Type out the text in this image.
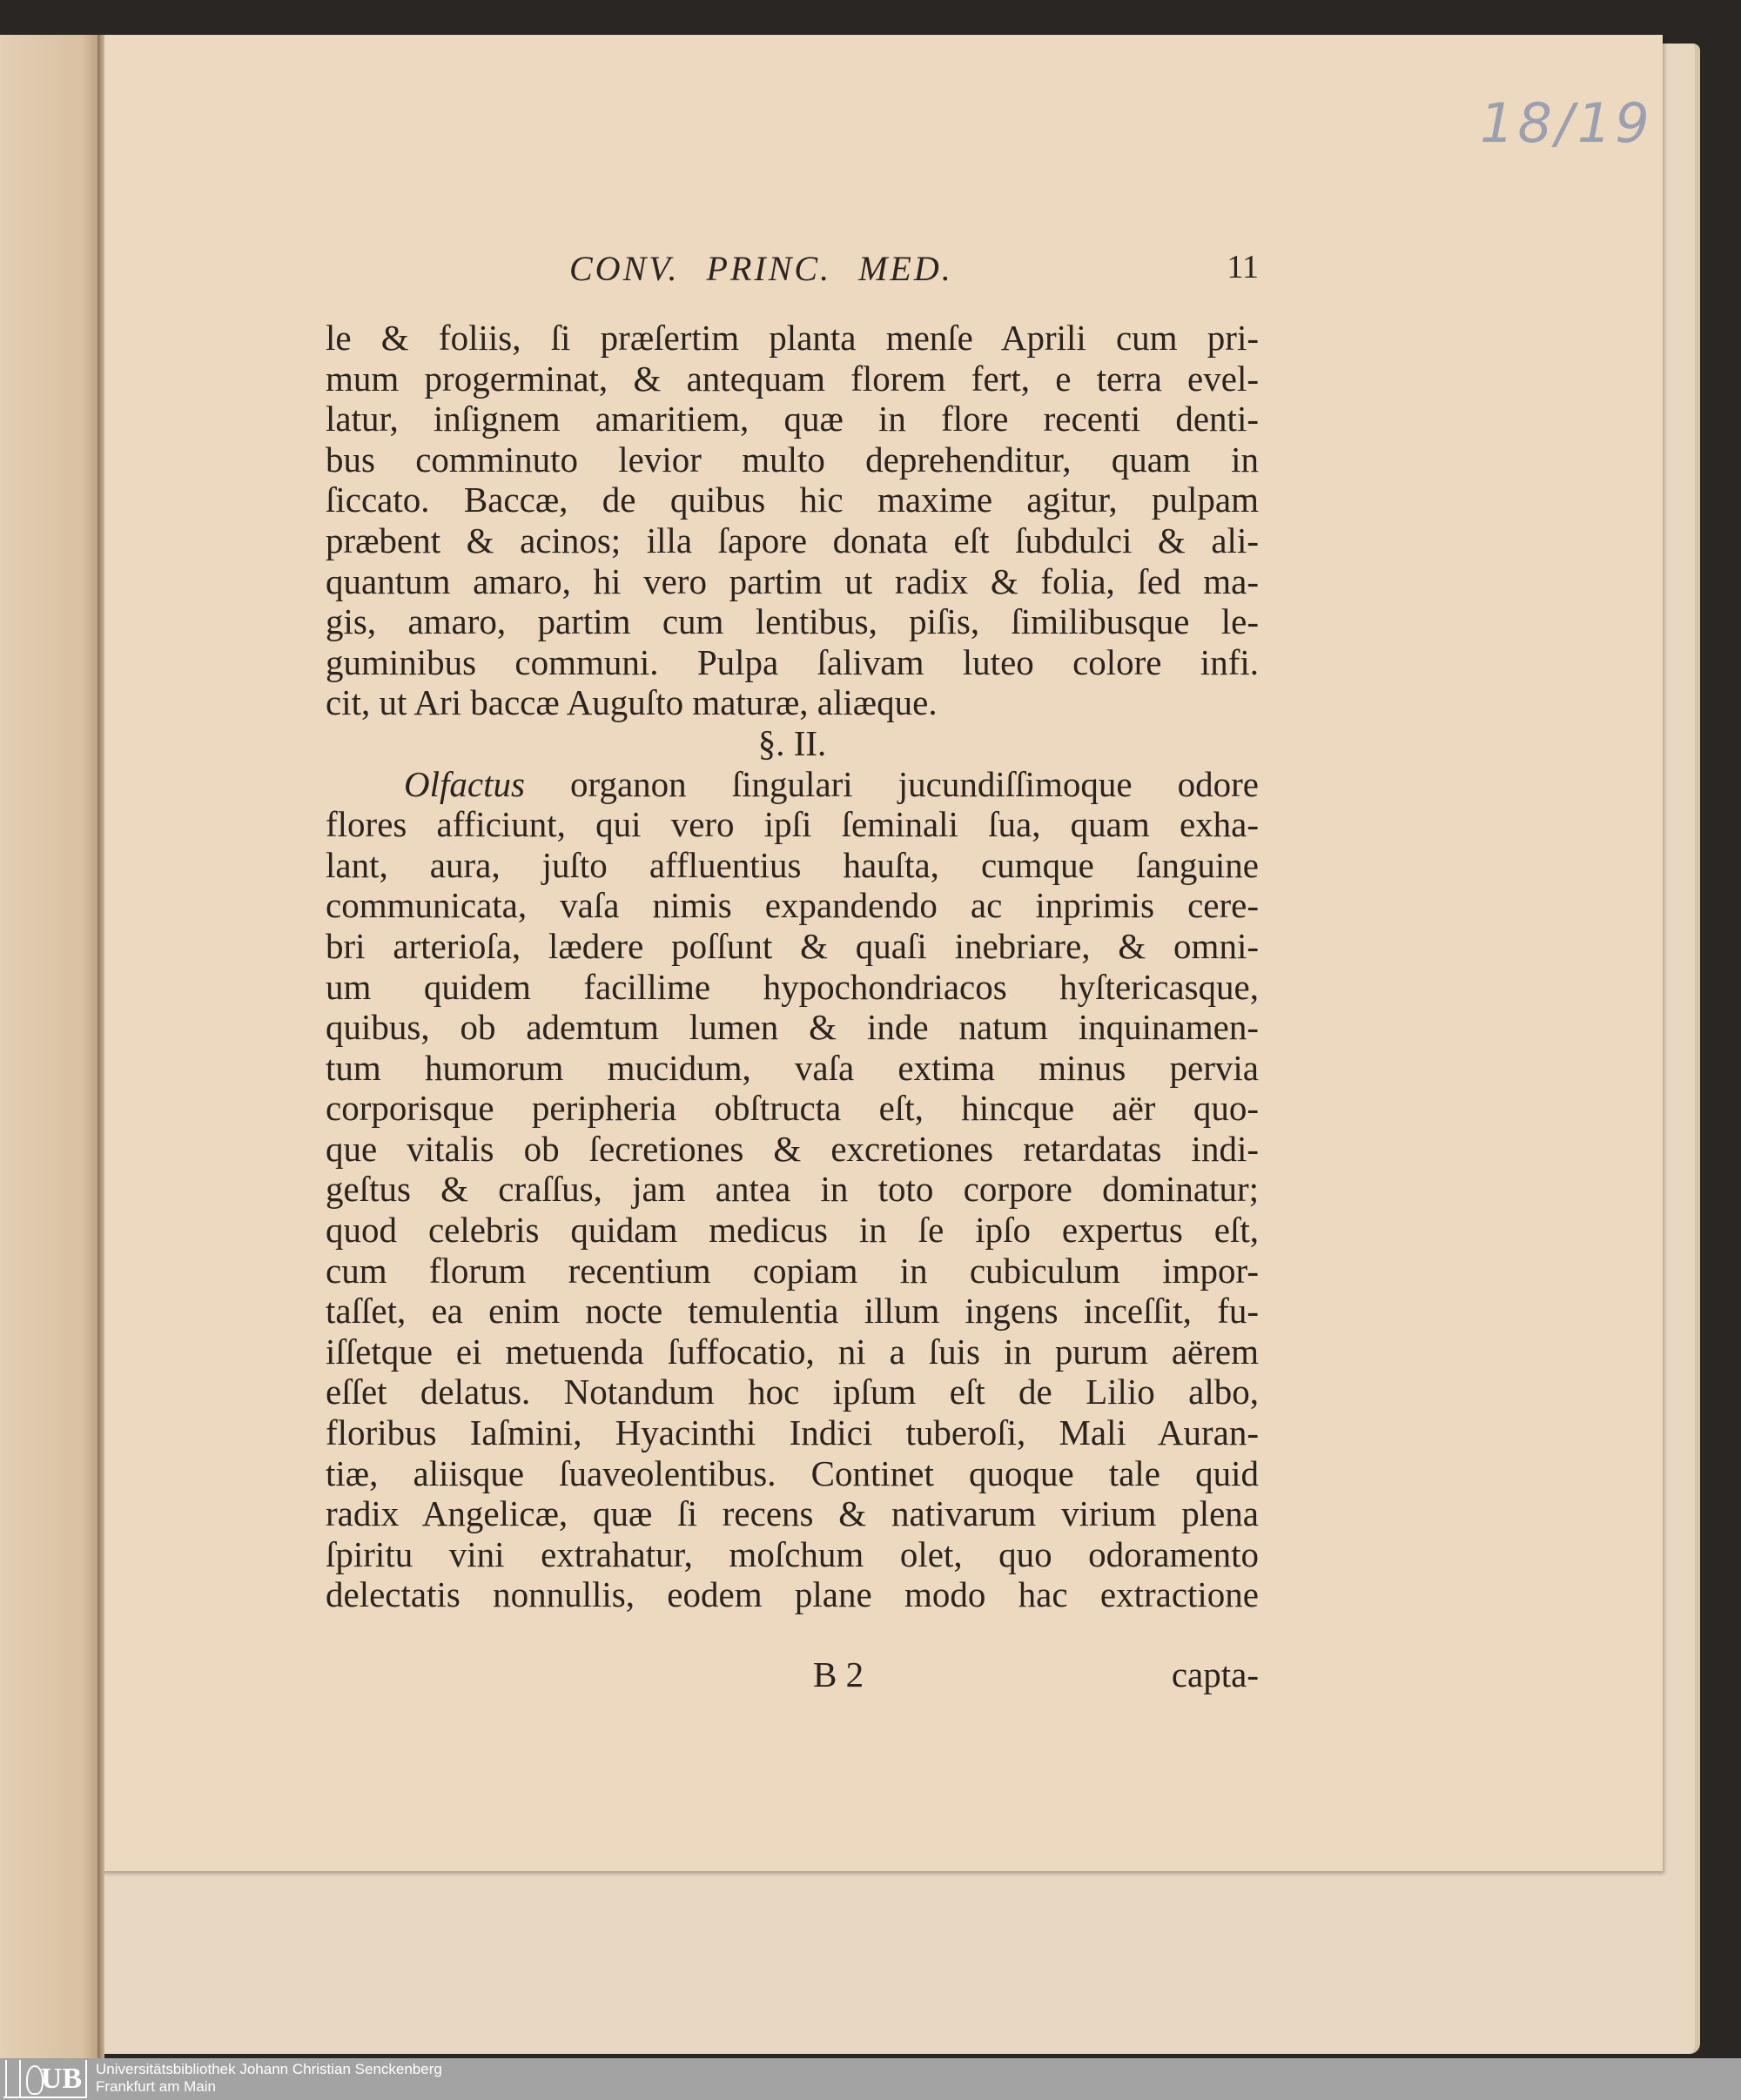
18/19
CONV. PRINC. MED.	11
le & foliis, ſi præſertim planta menſe Aprili cum pri-
mum progerminat, & antequam florem fert, e terra evel-
latur, inſignem amaritiem, quæ in flore recenti denti-
bus comminuto levior multo deprehenditur, quam in
ſiccato. Baccæ, de quibus hic maxime agitur, pulpam
præbent & acinos; illa ſapore donata eſt ſubdulci & ali-
quantum amaro, hi vero partim ut radix & folia, ſed ma-
gis, amaro, partim cum lentibus, piſis, ſimilibusque le-
guminibus communi. Pulpa ſalivam luteo colore infi.
cit, ut Ari baccæ Auguſto maturæ, aliæque.
§. II.
Olfactus organon ſingulari jucundiſſimoque odore
flores afficiunt, qui vero ipſi ſeminali ſua, quam exha-
lant, aura, juſto affluentius hauſta, cumque ſanguine
communicata, vaſa nimis expandendo ac inprimis cere-
bri arterioſa, lædere poſſunt & quaſi inebriare, & omni-
um quidem facillime hypochondriacos hyſtericasque,
quibus, ob ademtum lumen & inde natum inquinamen-
tum humorum mucidum, vaſa extima minus pervia
corporisque peripheria obſtructa eſt, hincque aër quo-
que vitalis ob ſecretiones & excretiones retardatas indi-
geſtus & craſſus, jam antea in toto corpore dominatur;
quod celebris quidam medicus in ſe ipſo expertus eſt,
cum florum recentium copiam in cubiculum impor-
taſſet, ea enim nocte temulentia illum ingens inceſſit, fu-
iſſetque ei metuenda ſuffocatio, ni a ſuis in purum aërem
eſſet delatus. Notandum hoc ipſum eſt de Lilio albo,
floribus Iaſmini, Hyacinthi Indici tuberoſi, Mali Auran-
tiæ, aliisque ſuaveolentibus. Continet quoque tale quid
radix Angelicæ, quæ ſi recens & nativarum virium plena
ſpiritu vini extrahatur, moſchum olet, quo odoramento
delectatis nonnullis, eodem plane modo hac extractione
B 2	capta-
UB Universitätsbibliothek Johann Christian Senckenberg
Frankfurt am Main
